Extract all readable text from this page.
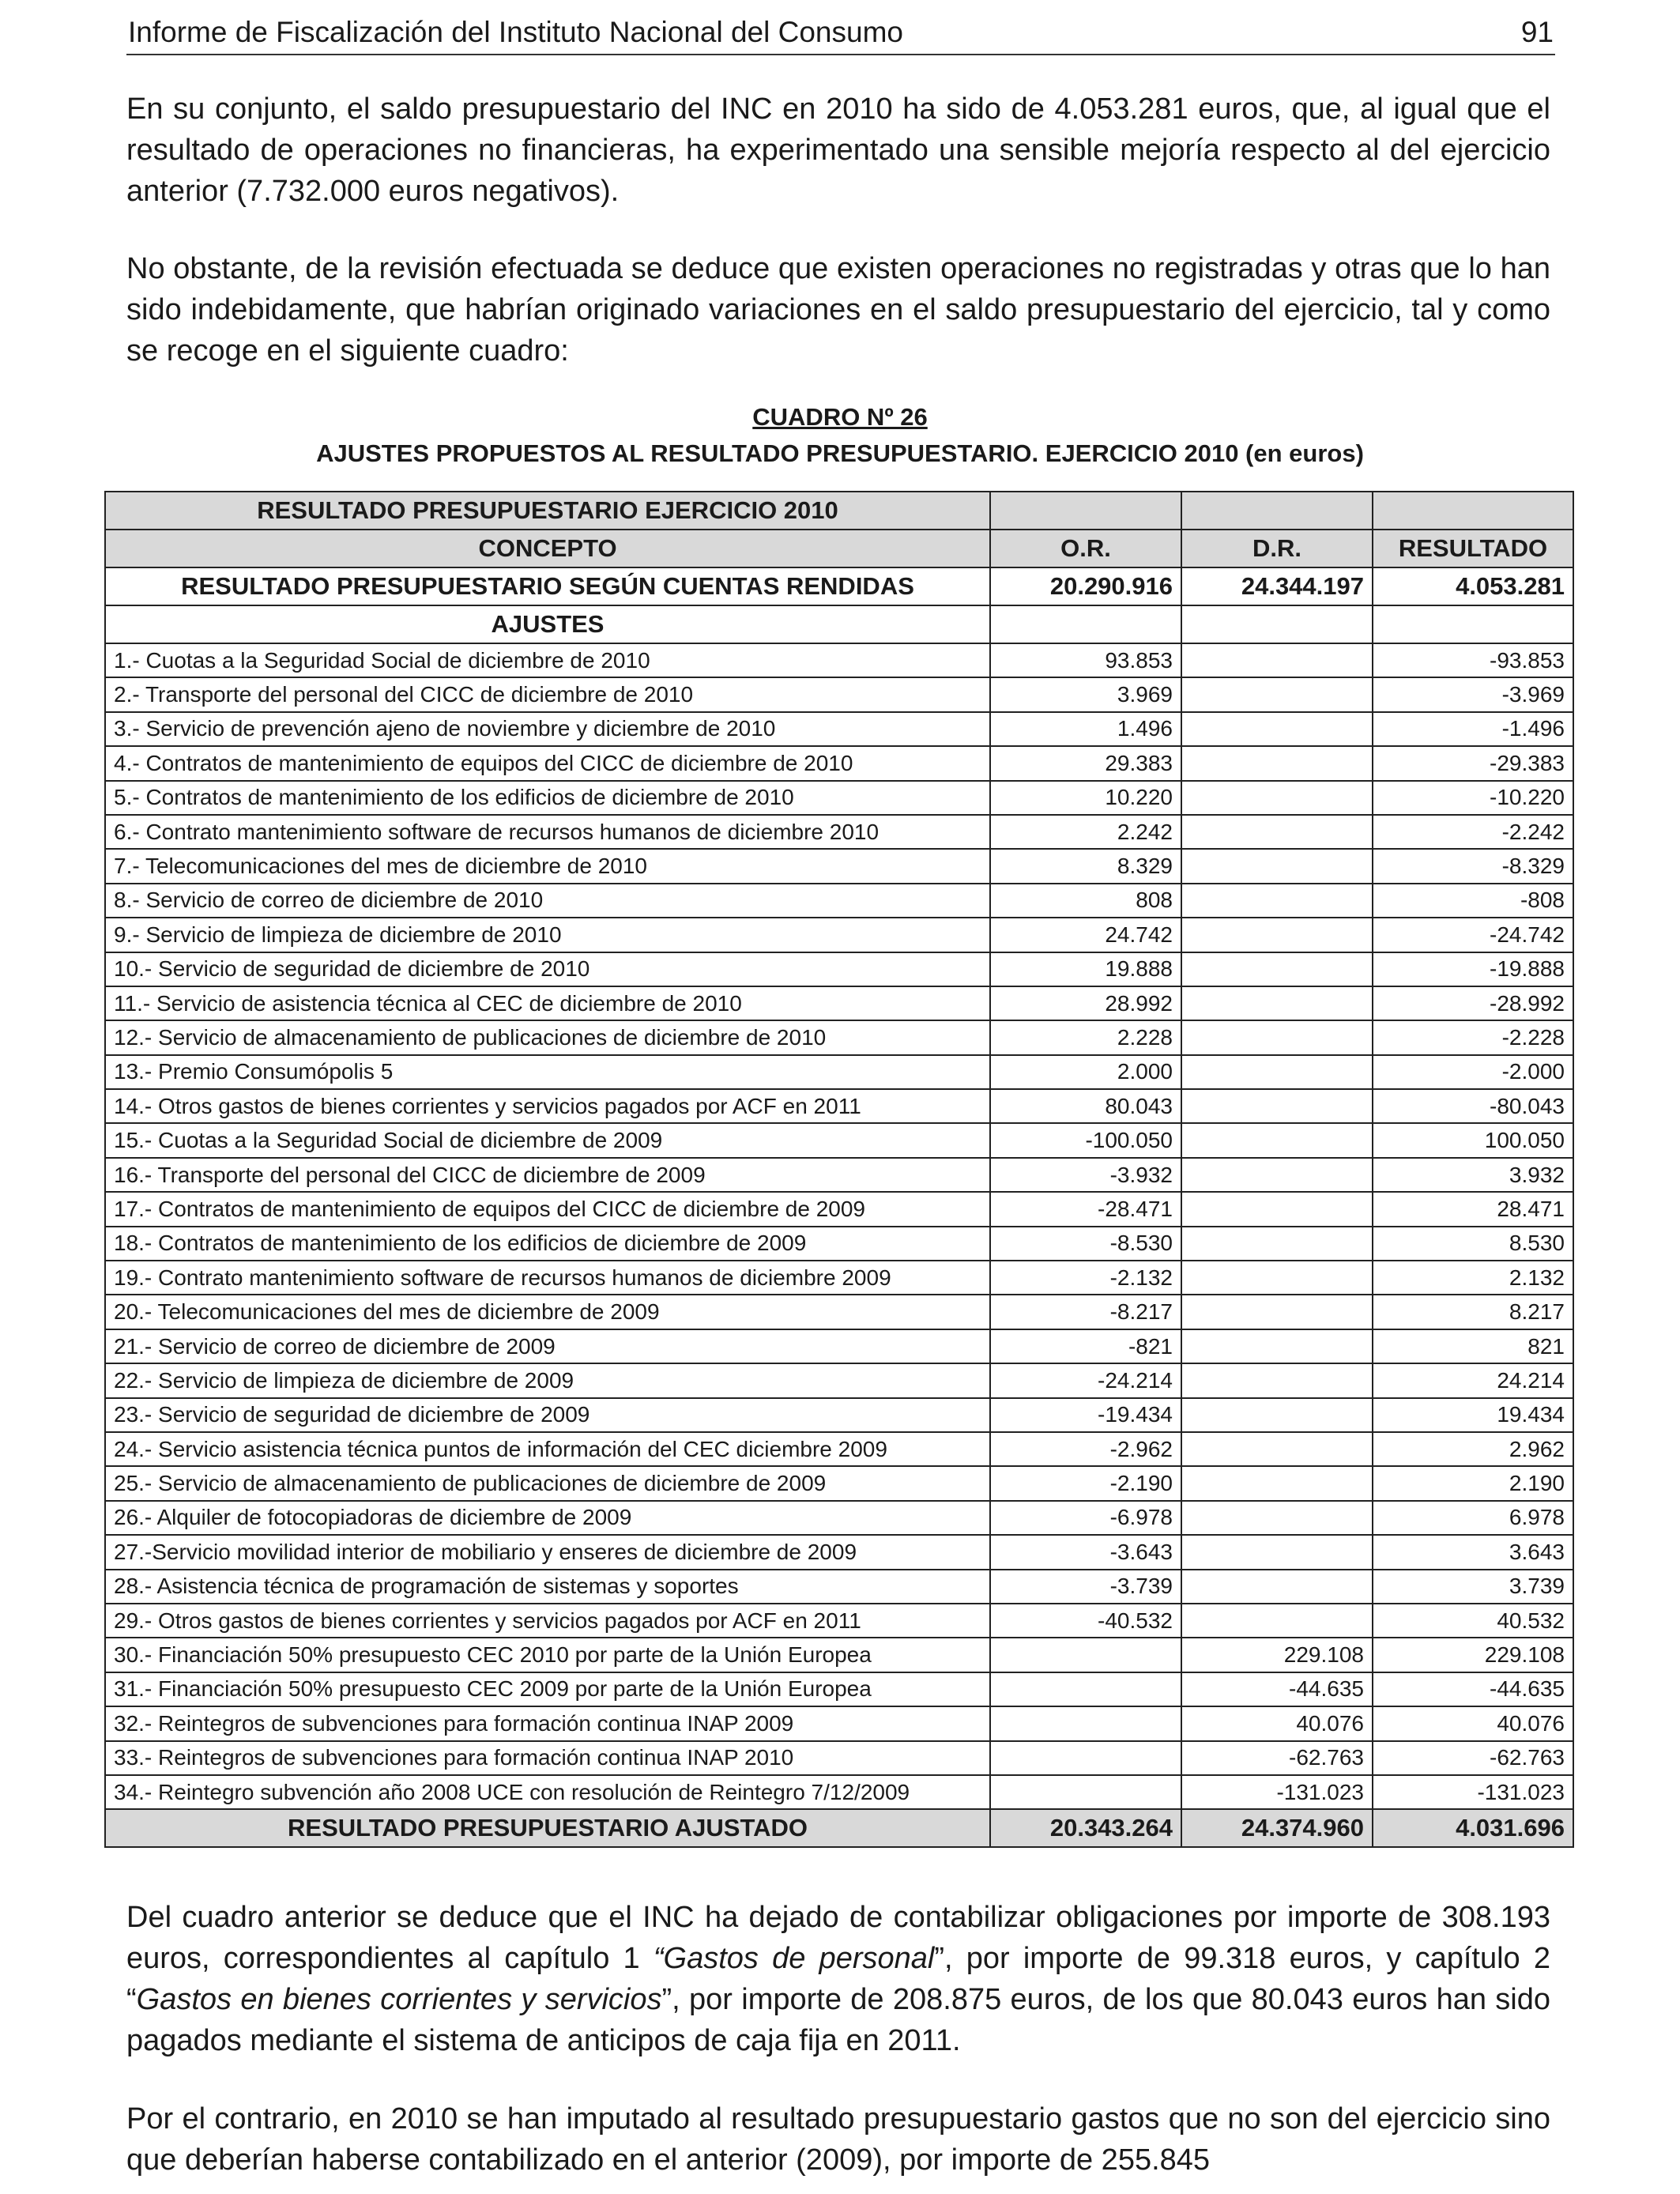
Informe de Fiscalización del Instituto Nacional del Consumo	91

En su conjunto, el saldo presupuestario del INC en 2010 ha sido de 4.053.281 euros, que, al igual que el resultado de operaciones no financieras, ha experimentado una sensible mejoría respecto al del ejercicio anterior (7.732.000 euros negativos).

No obstante, de la revisión efectuada se deduce que existen operaciones no registradas y otras que lo han sido indebidamente, que habrían originado variaciones en el saldo presupuestario del ejercicio, tal y como se recoge en el siguiente cuadro:

CUADRO Nº 26
AJUSTES PROPUESTOS AL RESULTADO PRESUPUESTARIO. EJERCICIO 2010 (en euros)
RESULTADO PRESUPUESTARIO EJERCICIO 2010			
CONCEPTO	O.R.	D.R.	RESULTADO
RESULTADO PRESUPUESTARIO SEGÚN CUENTAS RENDIDAS	20.290.916	24.344.197	4.053.281
AJUSTES			
1.- Cuotas a la Seguridad Social de diciembre de 2010	93.853		-93.853
2.- Transporte del personal del CICC de diciembre de 2010	3.969		-3.969
3.- Servicio de prevención ajeno de noviembre y diciembre de 2010	1.496		-1.496
4.- Contratos de mantenimiento de equipos del CICC de diciembre de 2010	29.383		-29.383
5.- Contratos de mantenimiento de los edificios de diciembre de 2010	10.220		-10.220
6.- Contrato mantenimiento software de recursos humanos de diciembre 2010	2.242		-2.242
7.- Telecomunicaciones del mes de diciembre de 2010	8.329		-8.329
8.- Servicio de correo de diciembre de 2010	808		-808
9.- Servicio de limpieza de diciembre de 2010	24.742		-24.742
10.- Servicio de seguridad de diciembre de 2010	19.888		-19.888
11.- Servicio de asistencia técnica al CEC de diciembre de 2010	28.992		-28.992
12.- Servicio de almacenamiento de publicaciones de diciembre de 2010	2.228		-2.228
13.- Premio Consumópolis 5	2.000		-2.000
14.- Otros gastos de bienes corrientes y servicios pagados por ACF en 2011	80.043		-80.043
15.- Cuotas a la Seguridad Social de diciembre de 2009	-100.050		100.050
16.- Transporte del personal del CICC de diciembre de 2009	-3.932		3.932
17.- Contratos de mantenimiento de equipos del CICC de diciembre de 2009	-28.471		28.471
18.- Contratos de mantenimiento de los edificios de diciembre de 2009	-8.530		8.530
19.- Contrato mantenimiento software de recursos humanos de diciembre 2009	-2.132		2.132
20.- Telecomunicaciones del mes de diciembre de 2009	-8.217		8.217
21.- Servicio de correo de diciembre de 2009	-821		821
22.- Servicio de limpieza de diciembre de 2009	-24.214		24.214
23.- Servicio de seguridad de diciembre de 2009	-19.434		19.434
24.- Servicio asistencia técnica puntos de información del CEC diciembre 2009	-2.962		2.962
25.- Servicio de almacenamiento de publicaciones de diciembre de 2009	-2.190		2.190
26.- Alquiler de fotocopiadoras de diciembre de 2009	-6.978		6.978
27.-Servicio movilidad interior de mobiliario y enseres de diciembre de 2009	-3.643		3.643
28.- Asistencia técnica de programación de sistemas y soportes	-3.739		3.739
29.- Otros gastos de bienes corrientes y servicios pagados por ACF en 2011	-40.532		40.532
30.- Financiación 50% presupuesto CEC 2010 por parte de la Unión Europea		229.108	229.108
31.- Financiación 50% presupuesto CEC 2009 por parte de la Unión Europea		-44.635	-44.635
32.- Reintegros de subvenciones para formación continua INAP 2009		40.076	40.076
33.- Reintegros de subvenciones para formación continua INAP 2010		-62.763	-62.763
34.- Reintegro subvención año 2008 UCE con resolución de Reintegro 7/12/2009		-131.023	-131.023
RESULTADO PRESUPUESTARIO AJUSTADO	20.343.264	24.374.960	4.031.696

Del cuadro anterior se deduce que el INC ha dejado de contabilizar obligaciones por importe de 308.193 euros, correspondientes al capítulo 1 “Gastos de personal”, por importe de 99.318 euros, y capítulo 2 “Gastos en bienes corrientes y servicios”, por importe de 208.875 euros, de los que 80.043 euros han sido pagados mediante el sistema de anticipos de caja fija en 2011.

Por el contrario, en 2010 se han imputado al resultado presupuestario gastos que no son del ejercicio sino que deberían haberse contabilizado en el anterior (2009), por importe de 255.845
